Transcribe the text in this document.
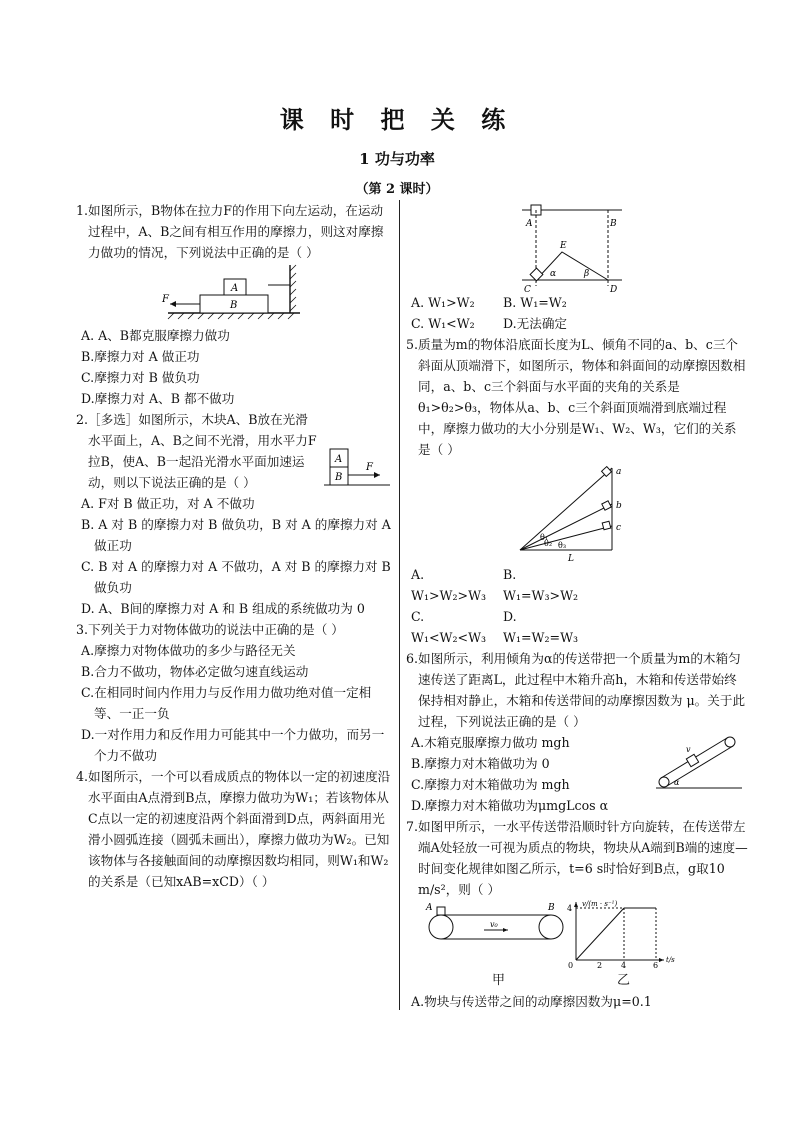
课 时 把 关 练
1 功与功率
（第 2 课时）

1.如图所示，B物体在拉力F的作用下向左运动，在运动过程中，A、B之间有相互作用的摩擦力，则这对摩擦力做功的情况，下列说法中正确的是（ ）

A
B
F

A. A、B都克服摩擦力做功

B.摩擦力对 A 做正功

C.摩擦力对 B 做负功

D.摩擦力对 A、B 都不做功

A
B
F

2.［多选］如图所示，木块A、B放在光滑水平面上，A、B之间不光滑，用水平力F拉B，使A、B一起沿光滑水平面加速运动，则以下说法正确的是（ ）

A. F对 B 做正功，对 A 不做功

B. A 对 B 的摩擦力对 B 做负功，B 对 A 的摩擦力对 A 做正功

C. B 对 A 的摩擦力对 A 不做功，A 对 B 的摩擦力对 B 做负功

D. A、B间的摩擦力对 A 和 B 组成的系统做功为 0

3.下列关于力对物体做功的说法中正确的是（ ）

A.摩擦力对物体做功的多少与路径无关

B.合力不做功，物体必定做匀速直线运动

C.在相同时间内作用力与反作用力做功绝对值一定相等、一正一负

D.一对作用力和反作用力可能其中一个力做功，而另一个力不做功

4.如图所示，一个可以看成质点的物体以一定的初速度沿水平面由A点滑到B点，摩擦力做功为W₁；若该物体从C点以一定的初速度沿两个斜面滑到D点，两斜面用光滑小圆弧连接（圆弧未画出），摩擦力做功为W₂。已知该物体与各接触面间的动摩擦因数均相同，则W₁和W₂的关系是（已知xAB=xCD）（ ）

A	B
C	D
E
α	β
A. W₁>W₂	B. W₁=W₂
C. W₁<W₂	D.无法确定

5.质量为m的物体沿底面长度为L、倾角不同的a、b、c三个斜面从顶端滑下，如图所示，物体和斜面间的动摩擦因数相同，a、b、c三个斜面与水平面的夹角的关系是 θ₁>θ₂>θ₃，物体从a、b、c三个斜面顶端滑到底端过程中，摩擦力做功的大小分别是W₁、W₂、W₃，它们的关系是（ ）

a
b
c
L
θ₁
θ₂ θ₃
A. W₁>W₂>W₃
B. W₁=W₃>W₂
C. W₁<W₂<W₃
D. W₁=W₂=W₃

6.如图所示，利用倾角为α的传送带把一个质量为m的木箱匀速传送了距离L，此过程中木箱升高h，木箱和传送带始终保持相对静止，木箱和传送带间的动摩擦因数为 μ。关于此过程，下列说法正确的是（ ）

v
α

A.木箱克服摩擦力做功 mgh

B.摩擦力对木箱做功为 0

C.摩擦力对木箱做功为 mgh

D.摩擦力对木箱做功为μmgLcos α

7.如图甲所示，一水平传送带沿顺时针方向旋转，在传送带左端A处轻放一可视为质点的物块，物块从A端到B端的速度—时间变化规律如图乙所示，t=6 s时恰好到B点，g取10 m/s²，则（ ）

A	B
v₀
v/(m · s⁻¹)
t/s
4
0	2 4	6
甲	乙

A.物块与传送带之间的动摩擦因数为μ=0.1
